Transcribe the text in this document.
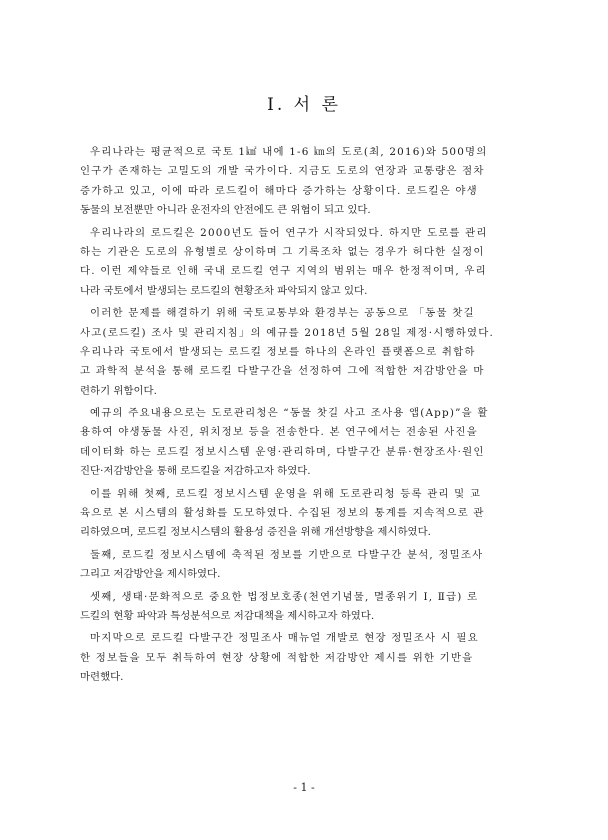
Ⅰ. 서 론
우리나라는 평균적으로 국토 1㎢ 내에 1-6 ㎞의 도로(최, 2016)와 500명의
인구가 존재하는 고밀도의 개발 국가이다. 지금도 도로의 연장과 교통량은 점차
증가하고 있고, 이에 따라 로드킬이 해마다 증가하는 상황이다. 로드킬은 야생
동물의 보전뿐만 아니라 운전자의 안전에도 큰 위협이 되고 있다.
우리나라의 로드킬은 2000년도 들어 연구가 시작되었다. 하지만 도로를 관리
하는 기관은 도로의 유형별로 상이하며 그 기록조차 없는 경우가 허다한 실정이
다. 이런 제약들로 인해 국내 로드킬 연구 지역의 범위는 매우 한정적이며, 우리
나라 국토에서 발생되는 로드킬의 현황조차 파악되지 않고 있다.
이러한 문제를 해결하기 위해 국토교통부와 환경부는 공동으로 「동물 찻길
사고(로드킬) 조사 및 관리지침」의 예규를 2018년 5월 28일 제정·시행하였다.
우리나라 국토에서 발생되는 로드킬 정보를 하나의 온라인 플랫폼으로 취합하
고 과학적 분석을 통해 로드킬 다발구간을 선정하여 그에 적합한 저감방안을 마
련하기 위함이다.
예규의 주요내용으로는 도로관리청은 “동물 찻길 사고 조사용 앱(App)”을 활
용하여 야생동물 사진, 위치정보 등을 전송한다. 본 연구에서는 전송된 사진을
데이터화 하는 로드킬 정보시스템 운영·관리하며, 다발구간 분류·현장조사·원인
진단·저감방안을 통해 로드킬을 저감하고자 하였다.
이를 위해 첫째, 로드킬 정보시스템 운영을 위해 도로관리청 등록 관리 및 교
육으로 본 시스템의 활성화를 도모하였다. 수집된 정보의 통계를 지속적으로 관
리하였으며, 로드킬 정보시스템의 활용성 증진을 위해 개선방향을 제시하였다.
둘째, 로드킬 정보시스템에 축적된 정보를 기반으로 다발구간 분석, 정밀조사
그리고 저감방안을 제시하였다.
셋째, 생태·문화적으로 중요한 법정보호종(천연기념물, 멸종위기 Ⅰ, Ⅱ급) 로
드킬의 현황 파악과 특성분석으로 저감대책을 제시하고자 하였다.
마지막으로 로드킬 다발구간 정밀조사 매뉴얼 개발로 현장 정밀조사 시 필요
한 정보들을 모두 취득하여 현장 상황에 적합한 저감방안 제시를 위한 기반을
마련했다.
- 1 -
